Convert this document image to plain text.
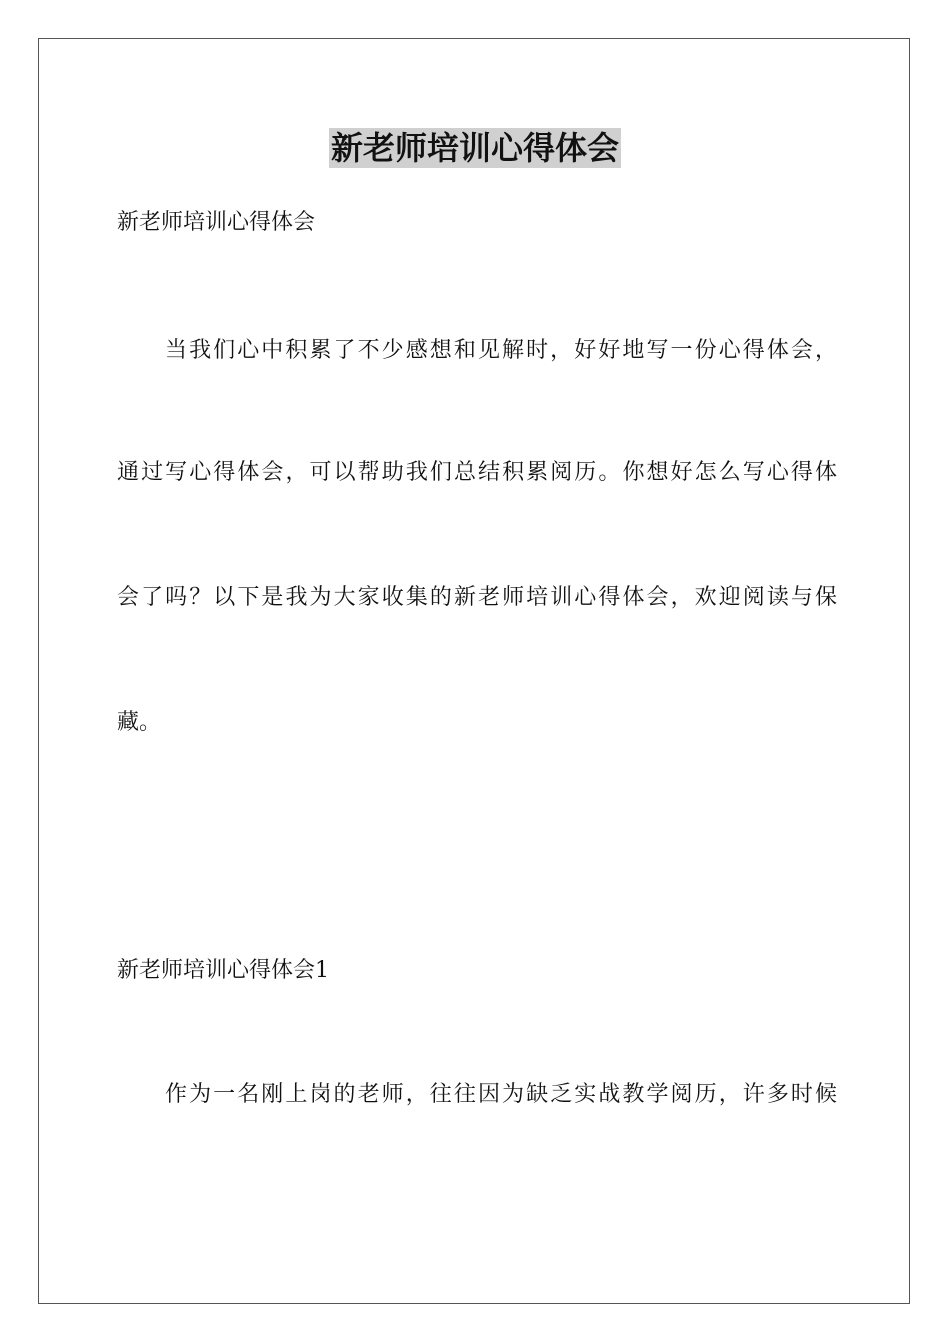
新老师培训心得体会

新老师培训心得体会

当我们心中积累了不少感想和见解时，好好地写一份心得体会，

通过写心得体会，可以帮助我们总结积累阅历。你想好怎么写心得体

会了吗？以下是我为大家收集的新老师培训心得体会，欢迎阅读与保

藏。

新老师培训心得体会1

作为一名刚上岗的老师，往往因为缺乏实战教学阅历，许多时候
